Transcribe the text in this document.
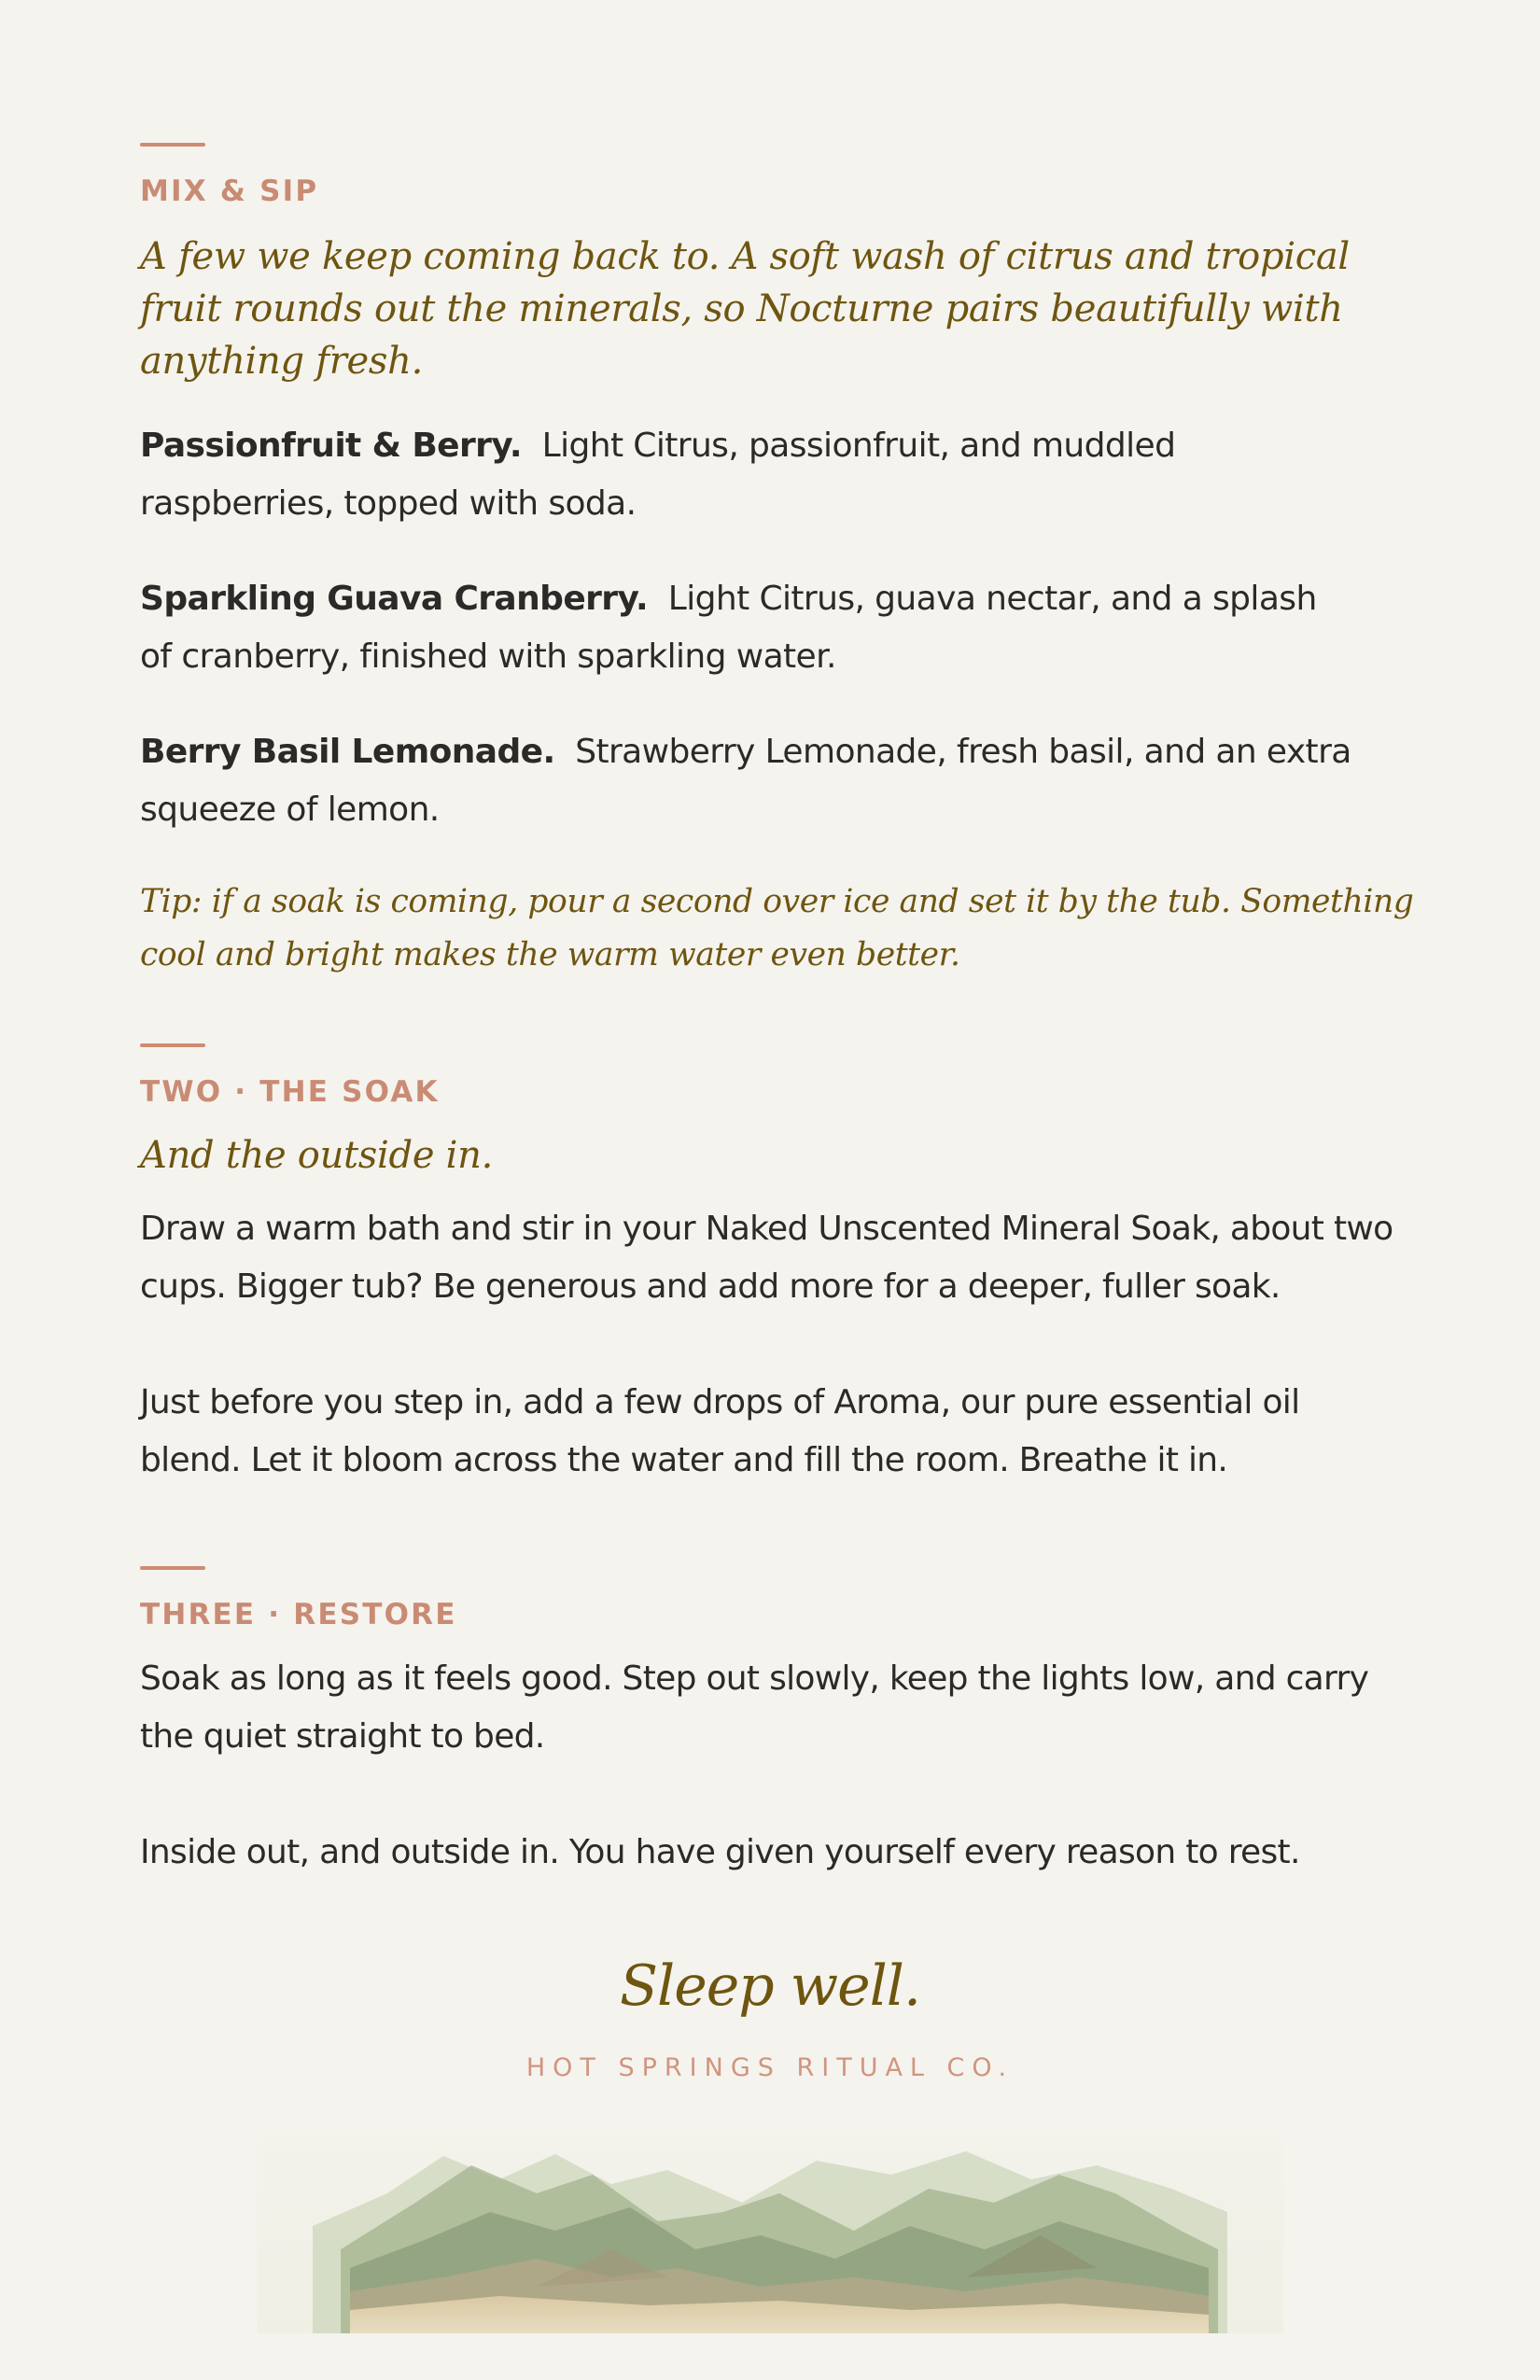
MIX & SIP
A few we keep coming back to. A soft wash of citrus and tropical fruit rounds out the minerals, so Nocturne pairs beautifully with anything fresh.
Passionfruit & Berry. Light Citrus, passionfruit, and muddled raspberries, topped with soda.
Sparkling Guava Cranberry. Light Citrus, guava nectar, and a splash of cranberry, finished with sparkling water.
Berry Basil Lemonade. Strawberry Lemonade, fresh basil, and an extra squeeze of lemon.
Tip: if a soak is coming, pour a second over ice and set it by the tub. Something cool and bright makes the warm water even better.
TWO · THE SOAK
And the outside in.
Draw a warm bath and stir in your Naked Unscented Mineral Soak, about two cups. Bigger tub? Be generous and add more for a deeper, fuller soak.
Just before you step in, add a few drops of Aroma, our pure essential oil blend. Let it bloom across the water and fill the room. Breathe it in.
THREE · RESTORE
Soak as long as it feels good. Step out slowly, keep the lights low, and carry the quiet straight to bed.
Inside out, and outside in. You have given yourself every reason to rest.
Sleep well.
HOT SPRINGS RITUAL CO.
